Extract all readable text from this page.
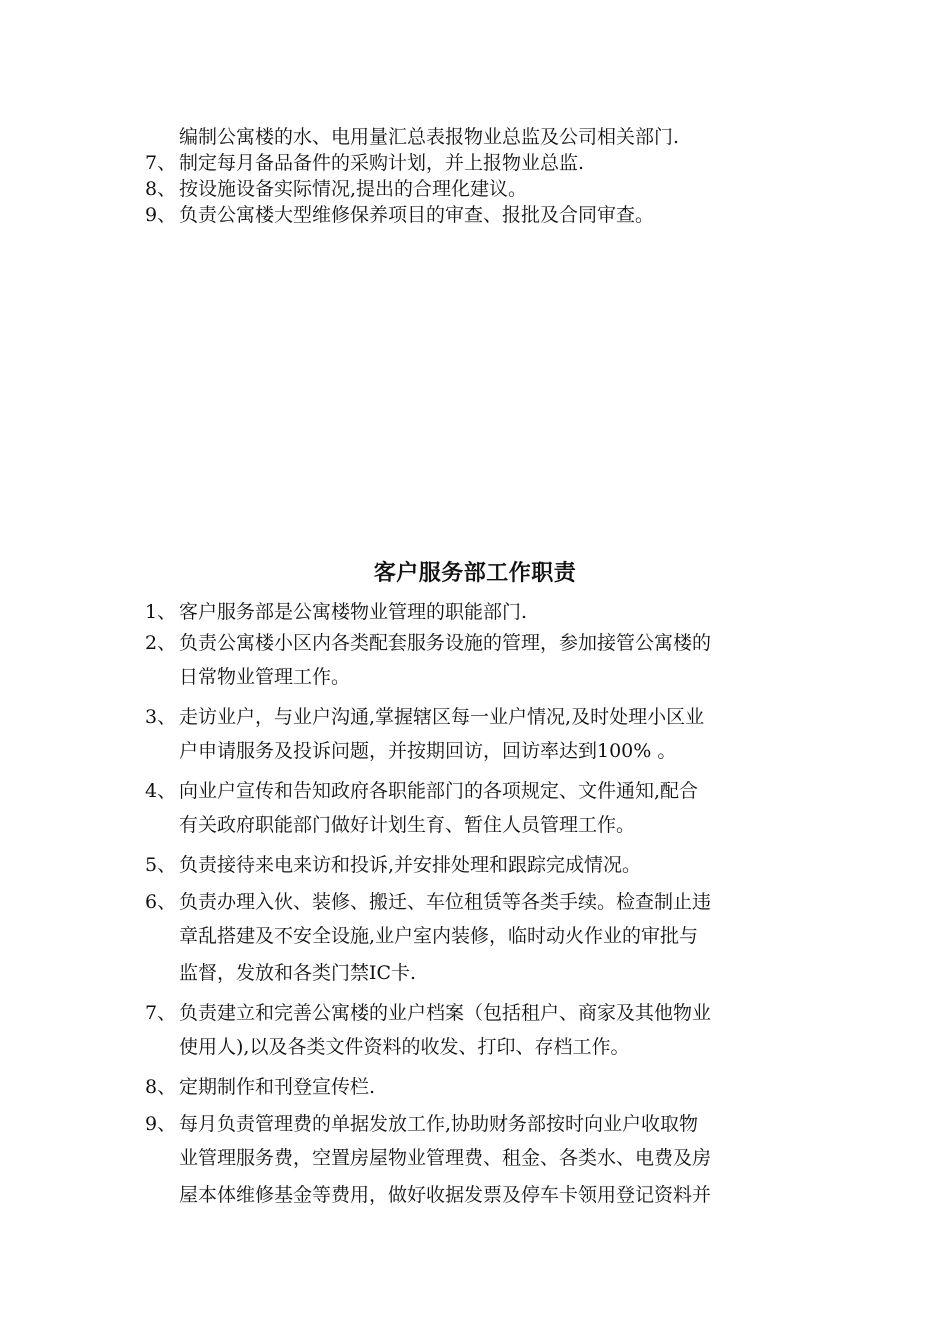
编制公寓楼的水、电用量汇总表报物业总监及公司相关部门.
7、 制定每月备品备件的采购计划，并上报物业总监.
8、 按设施设备实际情况,提出的合理化建议。
9、 负责公寓楼大型维修保养项目的审查、报批及合同审查。
客户服务部工作职责
1、 客户服务部是公寓楼物业管理的职能部门.
2、 负责公寓楼小区内各类配套服务设施的管理，参加接管公寓楼的
日常物业管理工作。
3、 走访业户，与业户沟通,掌握辖区每一业户情况,及时处理小区业
户申请服务及投诉问题，并按期回访，回访率达到100% 。
4、 向业户宣传和告知政府各职能部门的各项规定、文件通知,配合
有关政府职能部门做好计划生育、暂住人员管理工作。
5、 负责接待来电来访和投诉,并安排处理和跟踪完成情况。
6、 负责办理入伙、装修、搬迁、车位租赁等各类手续。检查制止违
章乱搭建及不安全设施,业户室内装修，临时动火作业的审批与
监督，发放和各类门禁IC卡.
7、 负责建立和完善公寓楼的业户档案（包括租户、商家及其他物业
使用人),以及各类文件资料的收发、打印、存档工作。
8、 定期制作和刊登宣传栏.
9、 每月负责管理费的单据发放工作,协助财务部按时向业户收取物
业管理服务费，空置房屋物业管理费、租金、各类水、电费及房
屋本体维修基金等费用，做好收据发票及停车卡领用登记资料并
